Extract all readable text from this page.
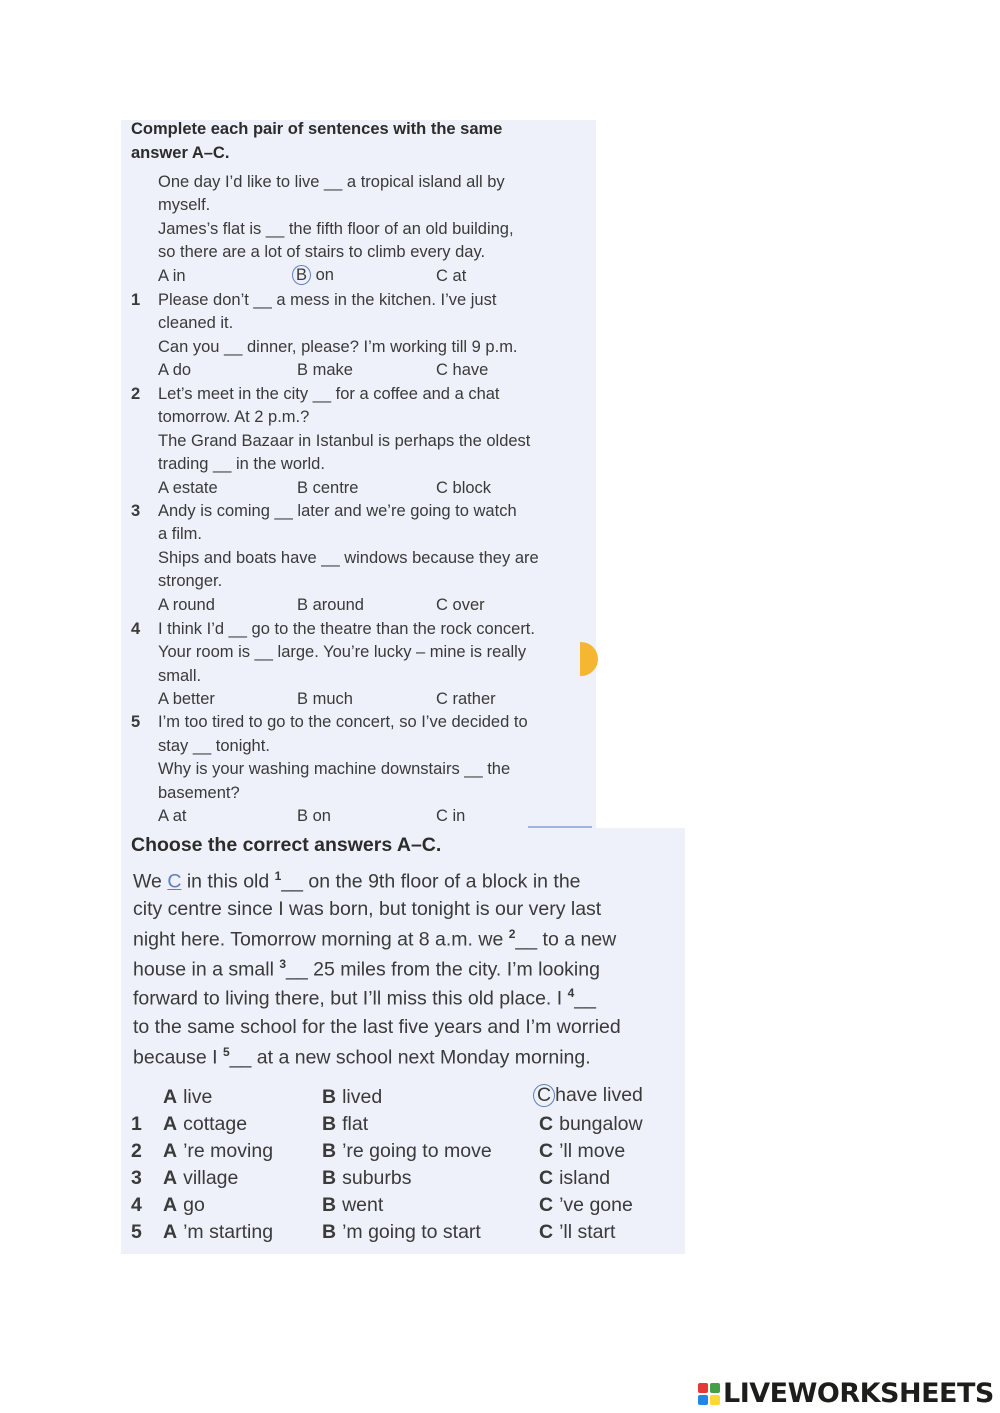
Complete each pair of sentences with the same
answer A–C.
One day I’d like to live __ a tropical island all by
myself.
James’s flat is __ the fifth floor of an old building,
so there are a lot of stairs to climb every day.
A in	B on	C at
1 Please don’t __ a mess in the kitchen. I’ve just
cleaned it.
Can you __ dinner, please? I’m working till 9 p.m.
A do	B make	C have
2 Let’s meet in the city __ for a coffee and a chat
tomorrow. At 2 p.m.?
The Grand Bazaar in Istanbul is perhaps the oldest
trading __ in the world.
A estate	B centre	C block
3 Andy is coming __ later and we’re going to watch
a film.
Ships and boats have __ windows because they are
stronger.
A round	B around	C over
4 I think I’d __ go to the theatre than the rock concert.
Your room is __ large. You’re lucky – mine is really
small.
A better	B much	C rather
5 I’m too tired to go to the concert, so I’ve decided to
stay __ tonight.
Why is your washing machine downstairs __ the
basement?
A at	B on	C in
Choose the correct answers A–C.
We C in this old $^1$__ on the 9th floor of a block in the
city centre since I was born, but tonight is our very last
night here. Tomorrow morning at 8 a.m. we $^2$__ to a new
house in a small $^3$__ 25 miles from the city. I’m looking
forward to living there, but I’ll miss this old place. I $^4$__
to the same school for the last five years and I’m worried
because I $^5$__ at a new school next Monday morning.
A live	B lived	C have lived
1 A cottage	B flat	C bungalow
2 A ’re moving	B ’re going to move C ’ll move
3 A village	B suburbs	C island
4 A go	B went	C ’ve gone
5 A ’m starting	B ’m going to start	C ’ll start
LIVEWORKSHEETS
